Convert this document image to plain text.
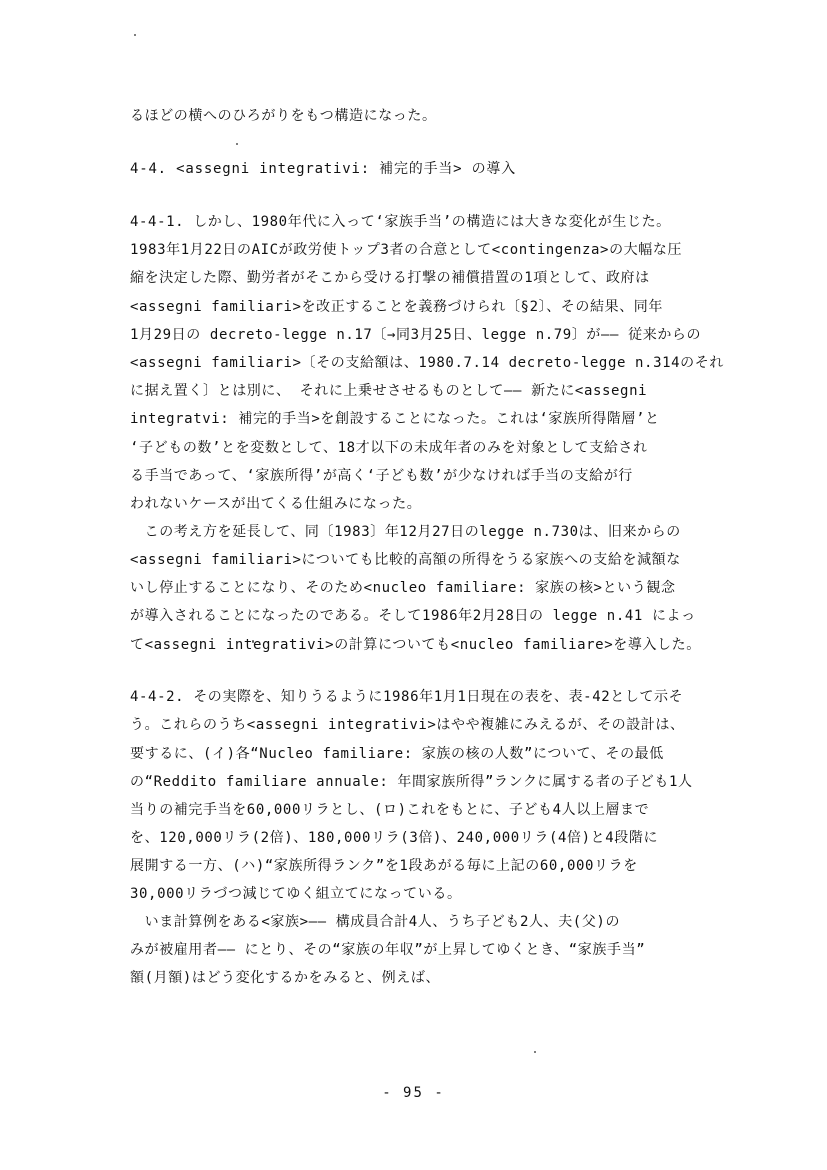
るほどの横へのひろがりをもつ構造になった。
4-4. <assegni integrativi: 補完的手当> の導入
4-4-1. しかし、1980年代に入って‘家族手当’の構造には大きな変化が生じた。
1983年1月22日のAICが政労使トップ3者の合意として<contingenza>の大幅な圧
縮を決定した際、勤労者がそこから受ける打撃の補償措置の1項として、政府は
<assegni familiari>を改正することを義務づけられ〔§2〕、その結果、同年
1月29日の decreto-legge n.17〔→同3月25日、legge n.79〕が—— 従来からの
<assegni familiari>〔その支給額は、1980.7.14 decreto-legge n.314のそれ
に据え置く〕とは別に、 それに上乗せさせるものとして—— 新たに<assegni
integratvi: 補完的手当>を創設することになった。これは‘家族所得階層’と
‘子どもの数’とを変数として、18才以下の未成年者のみを対象として支給され
る手当であって、‘家族所得’が高く‘子ども数’が少なければ手当の支給が行
われないケースが出てくる仕組みになった。
　この考え方を延長して、同〔1983〕年12月27日のlegge n.730は、旧来からの
<assegni familiari>についても比較的高額の所得をうる家族への支給を減額な
いし停止することになり、そのため<nucleo familiare: 家族の核>という観念
が導入されることになったのである。そして1986年2月28日の legge n.41 によっ
て<assegni integrativi>の計算についても<nucleo familiare>を導入した。
4-4-2. その実際を、知りうるように1986年1月1日現在の表を、表-42として示そ
う。これらのうち<assegni integrativi>はやや複雑にみえるが、その設計は、
要するに、(イ)各“Nucleo familiare: 家族の核の人数”について、その最低
の“Reddito familiare annuale: 年間家族所得”ランクに属する者の子ども1人
当りの補完手当を60,000リラとし、(ロ)これをもとに、子ども4人以上層まで
を、120,000リラ(2倍)、180,000リラ(3倍)、240,000リラ(4倍)と4段階に
展開する一方、(ハ)“家族所得ランク”を1段あがる毎に上記の60,000リラを
30,000リラづつ減じてゆく組立てになっている。
　いま計算例をある<家族>—— 構成員合計4人、うち子ども2人、夫(父)の
みが被雇用者—— にとり、その“家族の年収”が上昇してゆくとき、“家族手当”
額(月額)はどう変化するかをみると、例えば、
- 95 -
